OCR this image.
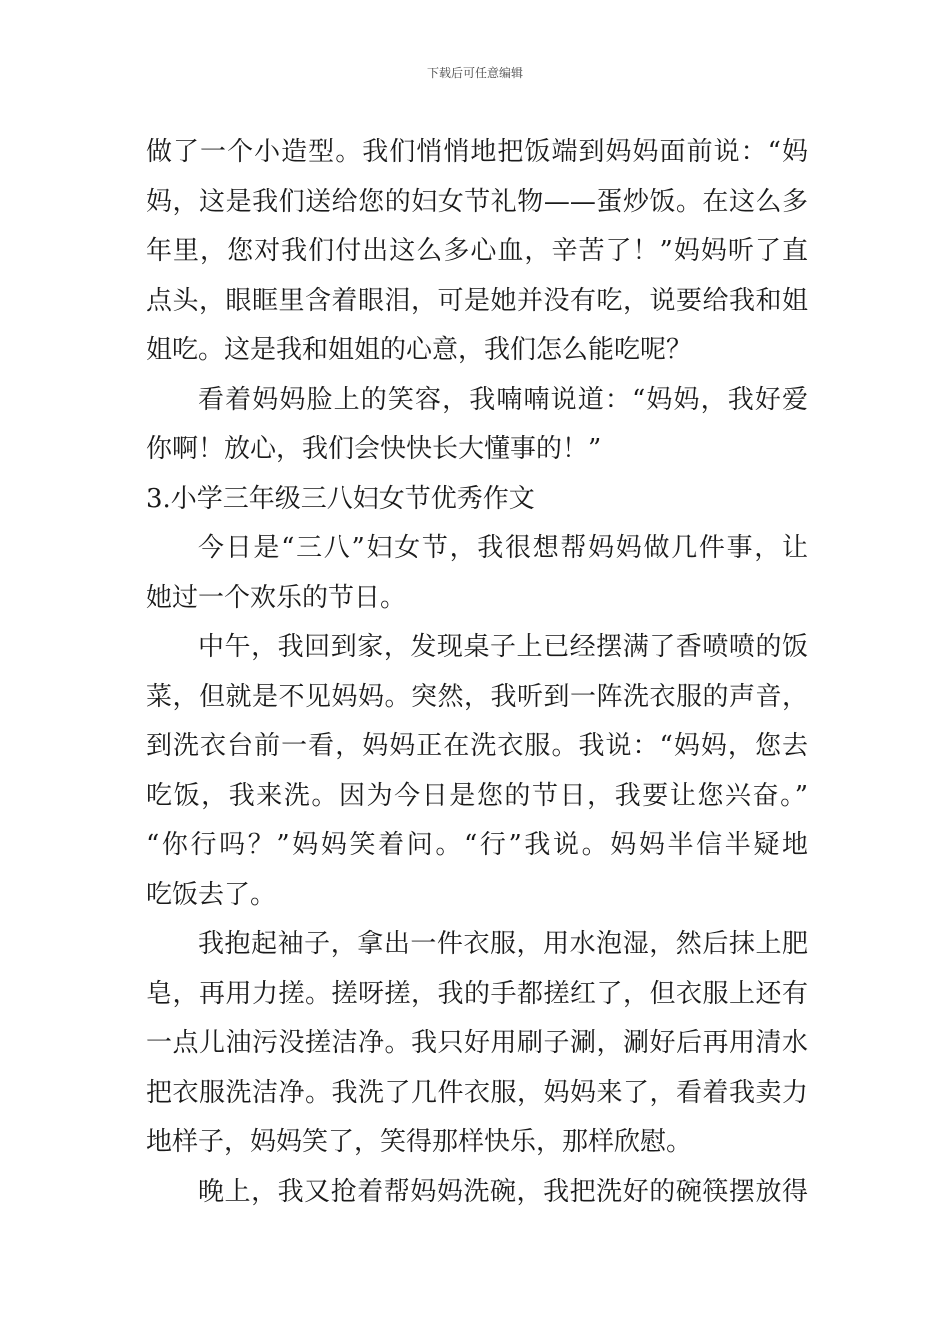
下载后可任意编辑
做了一个小造型。我们悄悄地把饭端到妈妈面前说：“妈
妈，这是我们送给您的妇女节礼物——蛋炒饭。在这么多
年里，您对我们付出这么多心血，辛苦了！”妈妈听了直
点头，眼眶里含着眼泪，可是她并没有吃，说要给我和姐
姐吃。这是我和姐姐的心意，我们怎么能吃呢？
看着妈妈脸上的笑容，我喃喃说道：“妈妈，我好爱
你啊！放心，我们会快快长大懂事的！”
3.小学三年级三八妇女节优秀作文
今日是“三八”妇女节，我很想帮妈妈做几件事，让
她过一个欢乐的节日。
中午，我回到家，发现桌子上已经摆满了香喷喷的饭
菜，但就是不见妈妈。突然，我听到一阵洗衣服的声音，
到洗衣台前一看，妈妈正在洗衣服。我说：“妈妈，您去
吃饭，我来洗。因为今日是您的节日，我要让您兴奋。”
“你行吗？”妈妈笑着问。“行”我说。妈妈半信半疑地
吃饭去了。
我抱起袖子，拿出一件衣服，用水泡湿，然后抹上肥
皂，再用力搓。搓呀搓，我的手都搓红了，但衣服上还有
一点儿油污没搓洁净。我只好用刷子涮，涮好后再用清水
把衣服洗洁净。我洗了几件衣服，妈妈来了，看着我卖力
地样子，妈妈笑了，笑得那样快乐，那样欣慰。
晚上，我又抢着帮妈妈洗碗，我把洗好的碗筷摆放得
